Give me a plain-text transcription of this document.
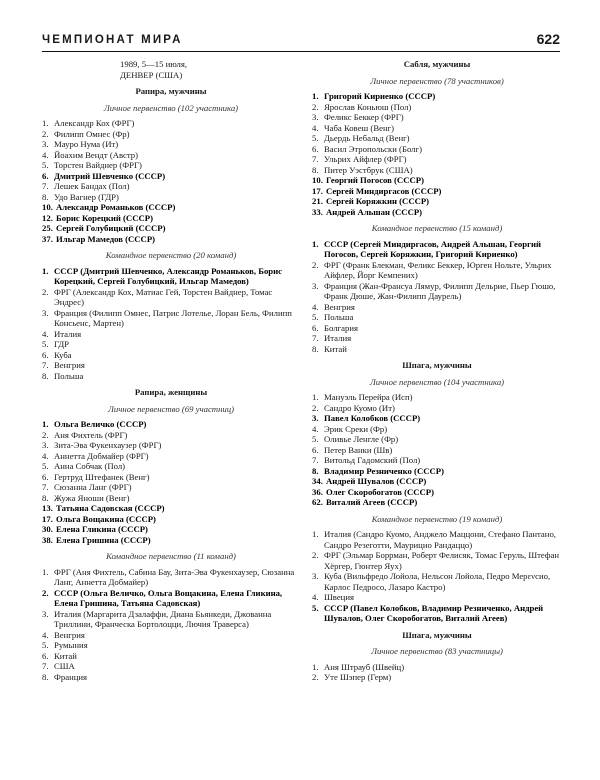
ЧЕМПИОНАТ МИРА	622
1989, 5—15 июля,
ДЕНВЕР (США)
Рапира, мужчины
Личное первенство (102 участника)
1. Александр Кох (ФРГ)
2. Филипп Омнес (Фр)
3. Мауро Нума (Ит)
4. Йоахим Вендт (Австр)
5. Торстен Вайднер (ФРГ)
6. Дмитрий Шевченко (СССР)
7. Лешек Бандах (Пол)
8. Удо Вагнер (ГДР)
10. Александр Романьков (СССР)
12. Борис Корецкий (СССР)
25. Сергей Голубицкий (СССР)
37. Ильгар Мамедов (СССР)
Командное первенство (20 команд)
1. СССР (Дмитрий Шевченко, Александр Романьков, Борис Корецкий, Сергей Голубицкий, Ильгар Мамедов)
2. ФРГ (Александр Кох, Матиас Гей, Торстен Вайднер, Томас Эндрес)
3. Франция (Филипп Омнес, Патрис Лотелье, Лоран Бель, Филипп Консьенс, Мартен)
4. Италия
5. ГДР
6. Куба
7. Венгрия
8. Польша
Рапира, женщины
Личное первенство (69 участниц)
1. Ольга Величко (СССР)
2. Аня Фихтель (ФРГ)
3. Зита-Эва Фукенхаузер (ФРГ)
4. Аннетта Добмайер (ФРГ)
5. Анна Собчак (Пол)
6. Гертруд Штефанек (Венг)
7. Сюзанна Ланг (ФРГ)
8. Жужа Яноши (Венг)
13. Татьяна Садовская (СССР)
17. Ольга Вощакина (СССР)
30. Елена Гликина (СССР)
38. Елена Гришина (СССР)
Командное первенство (11 команд)
1. ФРГ (Аня Фихтель, Сабина Бау, Зита-Эва Фукенхаузер, Сюзанна Ланг, Аннетта Добмайер)
2. СССР (Ольга Величко, Ольга Вощакина, Елена Гликина, Елена Гришина, Татьяна Садовская)
3. Италия (Маргарита Дзалаффи, Диана Бьянкеди, Джованна Триллини, Франческа Бортолоцци, Лючия Траверса)
4. Венгрия
5. Румыния
6. Китай
7. США
8. Франция
Сабля, мужчины
Личное первенство (78 участников)
1. Григорий Кириенко (СССР)
2. Ярослав Коньюш (Пол)
3. Феликс Беккер (ФРГ)
4. Чаба Ковеш (Венг)
5. Дьердь Небальд (Венг)
6. Васил Этропольски (Болг)
7. Ульрих Айфлер (ФРГ)
8. Питер Уэстбрук (США)
10. Георгий Погосов (СССР)
17. Сергей Миндиргасов (СССР)
21. Сергей Коряжкин (СССР)
33. Андрей Альшан (СССР)
Командное первенство (15 команд)
1. СССР (Сергей Миндиргасов, Андрей Альшан, Георгий Погосов, Сергей Коряжкин, Григорий Кириенко)
2. ФРГ (Франк Блекман, Феликс Беккер, Юрген Нольте, Ульрих Айфлер, Йорг Кемпених)
3. Франция (Жан-Франсуа Лямур, Филипп Дельрие, Пьер Гюшо, Франк Дюше, Жан-Филипп Даурель)
4. Венгрия
5. Польша
6. Болгария
7. Италия
8. Китай
Шпага, мужчины
Личное первенство (104 участника)
1. Мануэль Перейра (Исп)
2. Сандро Куомо (Ит)
3. Павел Колобков (СССР)
4. Эрик Среки (Фр)
5. Оливье Ленгле (Фр)
6. Петер Ванки (Шв)
7. Витольд Гадомский (Пол)
8. Владимир Резниченко (СССР)
34. Андрей Шувалов (СССР)
36. Олег Скоробогатов (СССР)
62. Виталий Агеев (СССР)
Командное первенство (19 команд)
1. Италия (Сандро Куомо, Анджело Маццони, Стефано Пантано, Сандро Резеготти, Маурицио Рандаццо)
2. ФРГ (Эльмар Боррман, Роберт Фелисяк, Томас Геруль, Штефан Хёргер, Гюнтер Яух)
3. Куба (Вильфредо Лойола, Нельсон Лойола, Педро Мерενсио, Карлос Педросо, Лазаро Кастро)
4. Швеция
5. СССР (Павел Колобков, Владимир Резниченко, Андрей Шувалов, Олег Скоробогатов, Виталий Агеев)
Шпага, мужчины
Личное первенство (83 участницы)
1. Аня Штрауб (Швейц)
2. Уте Шэпер (Герм)
